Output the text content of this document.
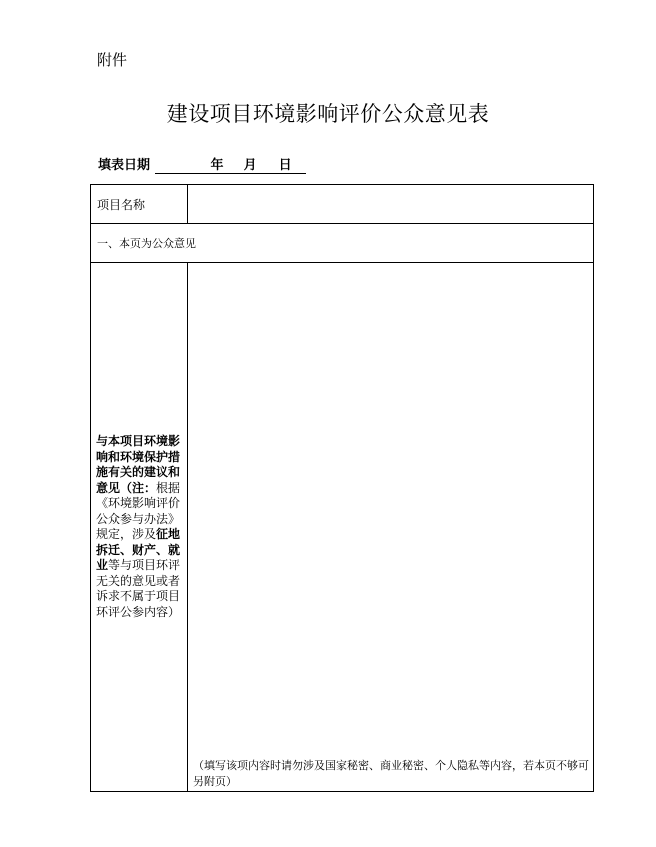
附件
建设项目环境影响评价公众意见表
填表日期	年 月 日
项目名称	
一、本页为公众意见	
与本项目环境影响和环境保护措施有关的建议和意见（注：根据《环境影响评价公众参与办法》规定，涉及征地拆迁、财产、就业等与项目环评无关的意见或者诉求不属于项目环评公参内容）	（填写该项内容时请勿涉及国家秘密、商业秘密、个人隐私等内容，若本页不够可另附页）
